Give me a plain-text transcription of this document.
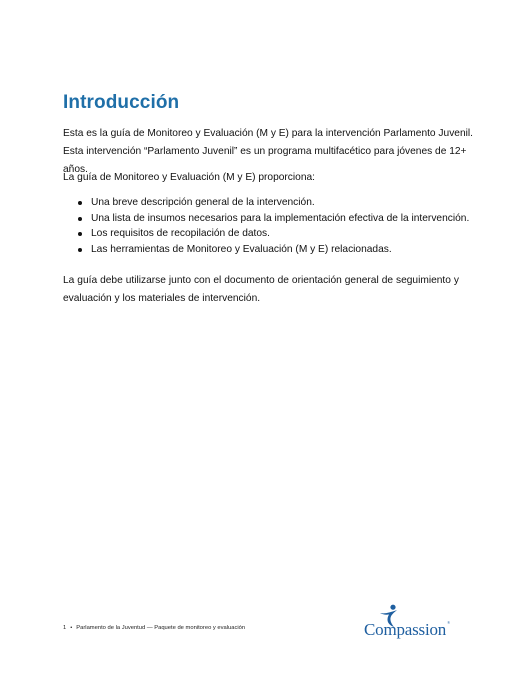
Introducción

Esta es la guía de Monitoreo y Evaluación (M y E) para la intervención Parlamento Juvenil. Esta intervención “Parlamento Juvenil” es un programa multifacético para jóvenes de 12+ años.

La guía de Monitoreo y Evaluación (M y E) proporciona:

Una breve descripción general de la intervención.
Una lista de insumos necesarios para la implementación efectiva de la intervención.
Los requisitos de recopilación de datos.
Las herramientas de Monitoreo y Evaluación (M y E) relacionadas.

La guía debe utilizarse junto con el documento de orientación general de seguimiento y evaluación y los materiales de intervención.

1 • Parlamento de la Juventud — Paquete de monitoreo y evaluación	Compassion®
